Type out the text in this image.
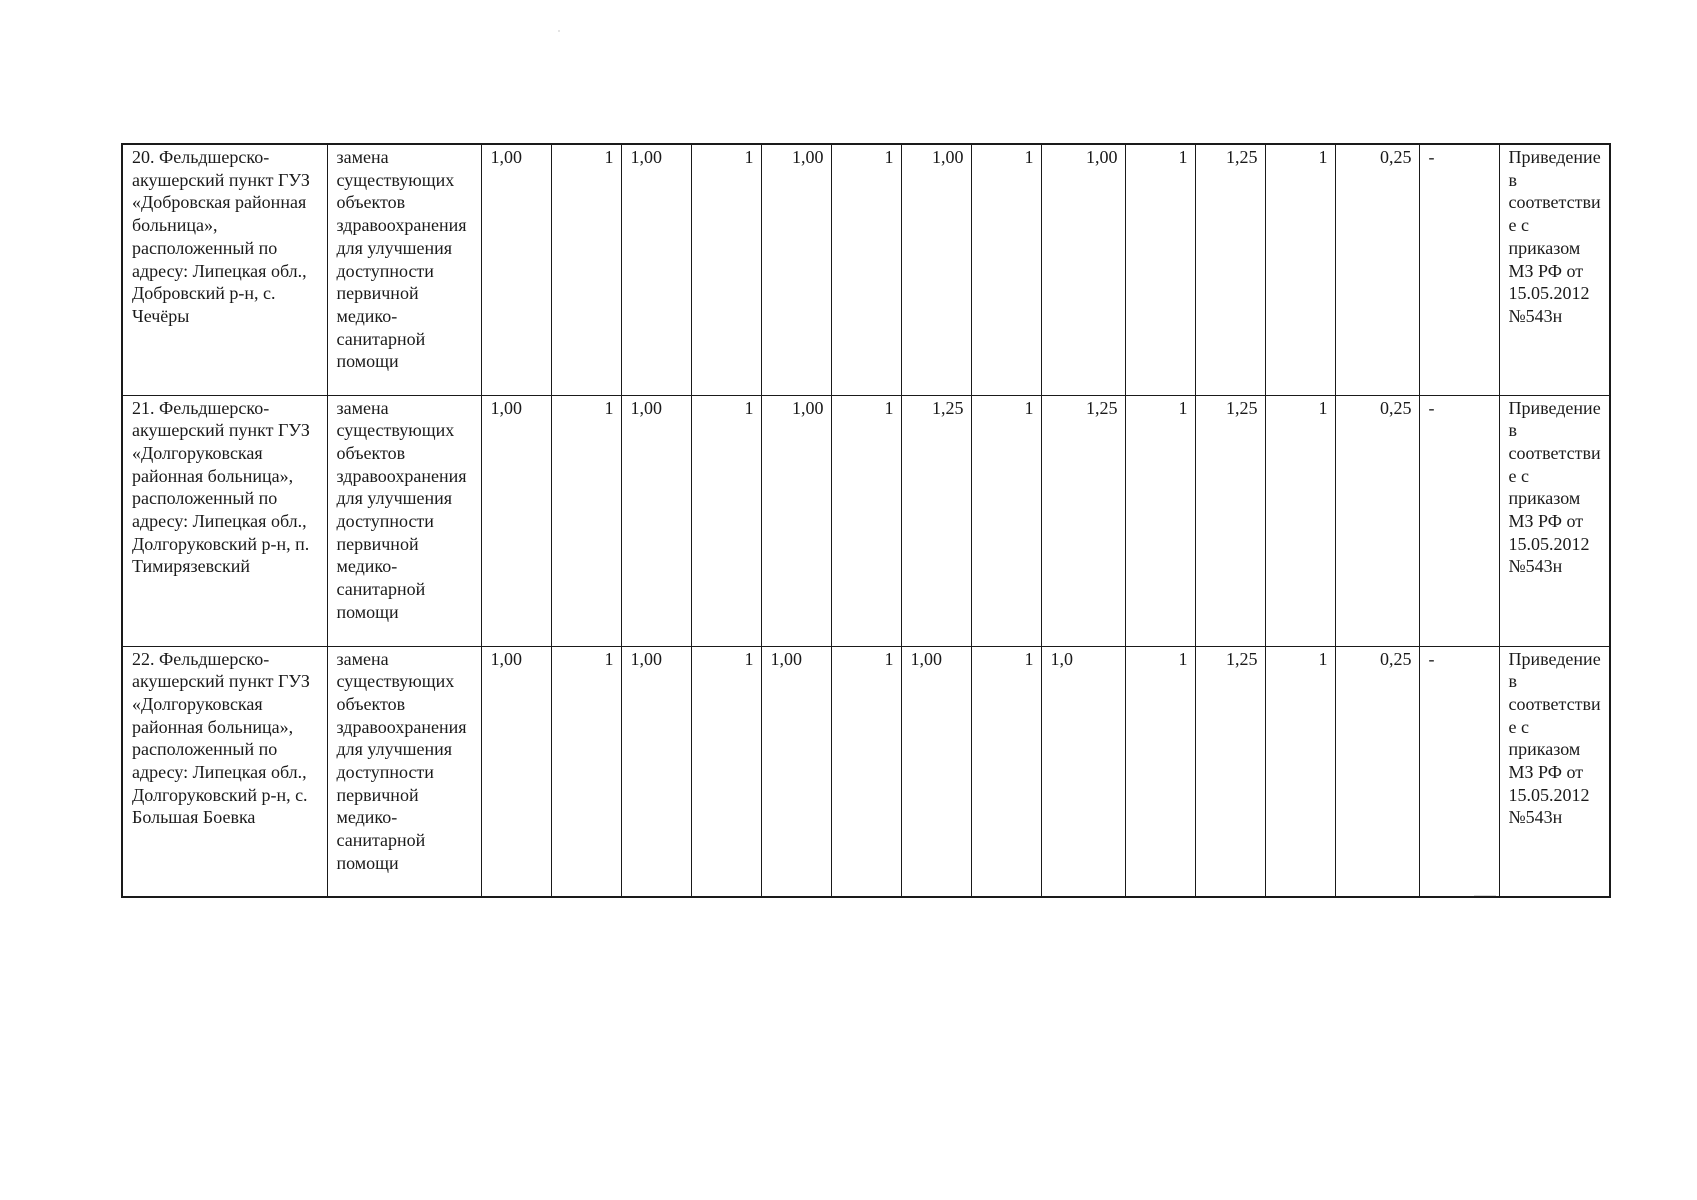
20. Фельдшерско-акушерский пункт ГУЗ «Добровская районная больница», расположенный по адресу: Липецкая обл., Добровский р-н, с. Чечёры	замена существующих объектов здравоохранения для улучшения доступности первичной медико-санитарной помощи	1,00	1	1,00	1	1,00	1	1,00	1	1,00	1	1,25	1	0,25	-	Приведение в соответствие с приказом МЗ РФ от 15.05.2012 №543н
21. Фельдшерско-акушерский пункт ГУЗ «Долгоруковская районная больница», расположенный по адресу: Липецкая обл., Долгоруковский р-н, п. Тимирязевский	замена существующих объектов здравоохранения для улучшения доступности первичной медико-санитарной помощи	1,00	1	1,00	1	1,00	1	1,25	1	1,25	1	1,25	1	0,25	-	Приведение в соответствие с приказом МЗ РФ от 15.05.2012 №543н
22. Фельдшерско-акушерский пункт ГУЗ «Долгоруковская районная больница», расположенный по адресу: Липецкая обл., Долгоруковский р-н, с. Большая Боевка	замена существующих объектов здравоохранения для улучшения доступности первичной медико-санитарной помощи	1,00	1	1,00	1	1,00	1	1,00	1	1,0	1	1,25	1	0,25	-	Приведение в соответствие с приказом МЗ РФ от 15.05.2012 №543н
